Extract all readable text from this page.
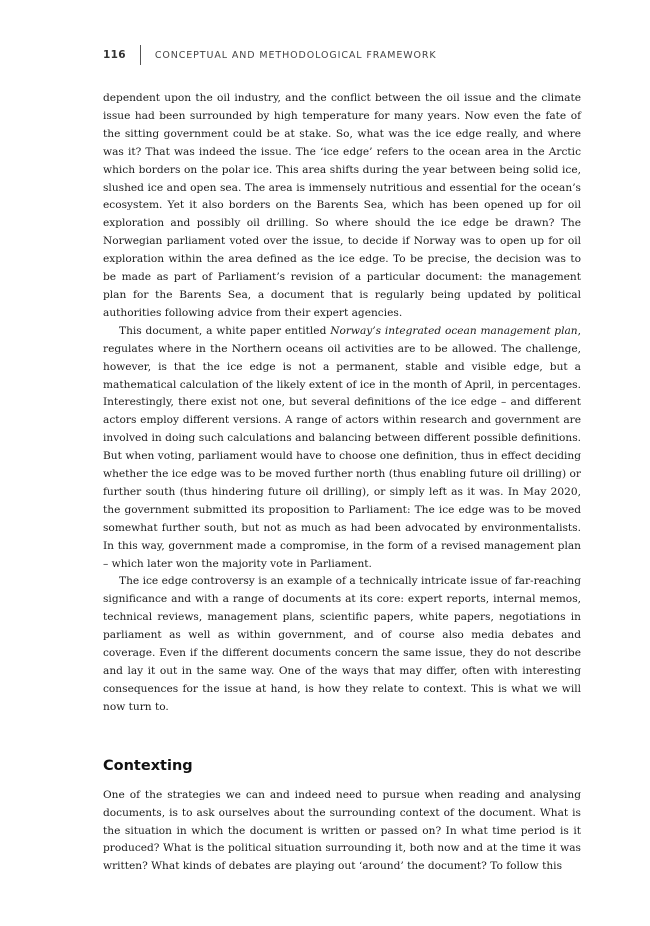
116	CONCEPTUAL AND METHODOLOGICAL FRAMEWORK

dependent upon the oil industry, and the conflict between the oil issue and the climate issue had been surrounded by high temperature for many years. Now even the fate of the sitting government could be at stake. So, what was the ice edge really, and where was it? That was indeed the issue. The ‘ice edge’ refers to the ocean area in the Arctic which borders on the polar ice. This area shifts during the year between being solid ice, slushed ice and open sea. The area is immensely nutritious and essential for the ocean’s ecosystem. Yet it also borders on the Barents Sea, which has been opened up for oil exploration and possibly oil drilling. So where should the ice edge be drawn? The Norwegian parliament voted over the issue, to decide if Norway was to open up for oil exploration within the area defined as the ice edge. To be precise, the decision was to be made as part of Parliament’s revision of a particular document: the management plan for the Barents Sea, a document that is regularly being updated by political authorities following advice from their expert agencies.

This document, a white paper entitled Norway’s integrated ocean management plan, regulates where in the Northern oceans oil activities are to be allowed. The challenge, however, is that the ice edge is not a permanent, stable and visible edge, but a mathematical calculation of the likely extent of ice in the month of April, in percentages. Interestingly, there exist not one, but several definitions of the ice edge – and different actors employ different versions. A range of actors within research and government are involved in doing such calculations and balancing between different possible definitions. But when voting, parliament would have to choose one definition, thus in effect deciding whether the ice edge was to be moved further north (thus enabling future oil drilling) or further south (thus hindering future oil drilling), or simply left as it was. In May 2020, the government submitted its proposition to Parliament: The ice edge was to be moved somewhat further south, but not as much as had been advocated by environmentalists. In this way, government made a compromise, in the form of a revised management plan – which later won the majority vote in Parliament.

The ice edge controversy is an example of a technically intricate issue of far-reaching significance and with a range of documents at its core: expert reports, internal memos, technical reviews, management plans, scientific papers, white papers, negotiations in parliament as well as within government, and of course also media debates and coverage. Even if the different documents concern the same issue, they do not describe and lay it out in the same way. One of the ways that may differ, often with interesting consequences for the issue at hand, is how they relate to context. This is what we will now turn to.

Contexting

One of the strategies we can and indeed need to pursue when reading and analysing documents, is to ask ourselves about the surrounding context of the document. What is the situation in which the document is written or passed on? In what time period is it produced? What is the political situation surrounding it, both now and at the time it was written? What kinds of debates are playing out ‘around’ the document? To follow this
